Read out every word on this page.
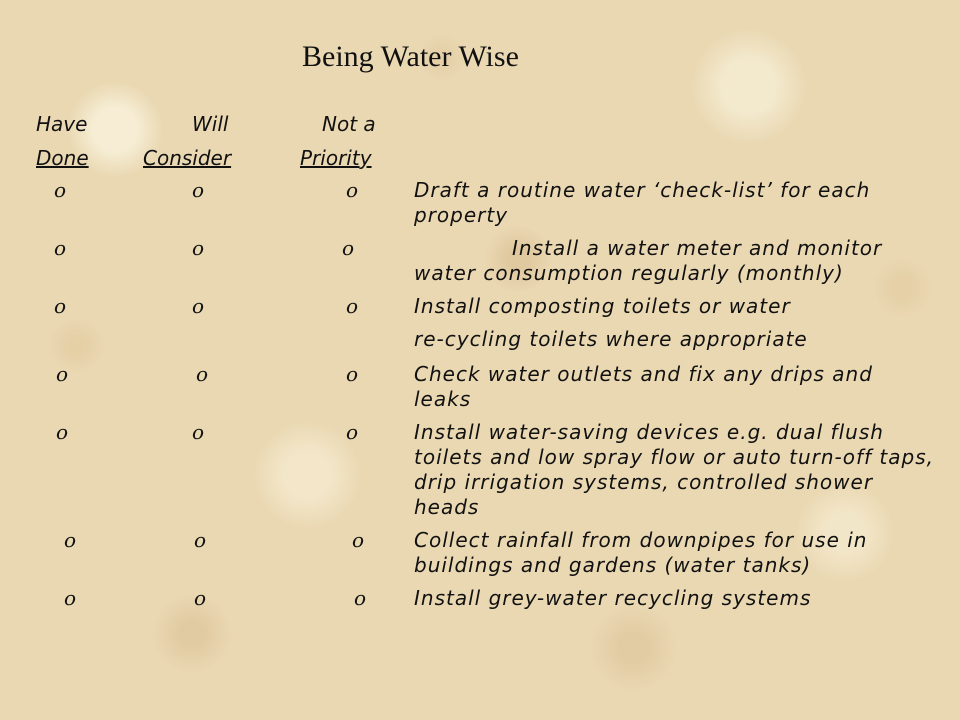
Being Water Wise
Have	Will	Not a
Done	Consider	Priority
o	o	o	Draft a routine water ‘check-list’ for each property
o	o	o	Install a water meter and monitor water consumption regularly (monthly)
o	o	o	Install composting toilets or water
re-cycling toilets where appropriate
o	o	o	Check water outlets and fix any drips and leaks
o	o	o	Install water-saving devices e.g. dual flush toilets and low spray flow or auto turn-off taps, drip irrigation systems, controlled shower heads
o	o	o Collect rainfall from downpipes for use in buildings and gardens (water tanks)
o	o	o Install grey-water recycling systems
